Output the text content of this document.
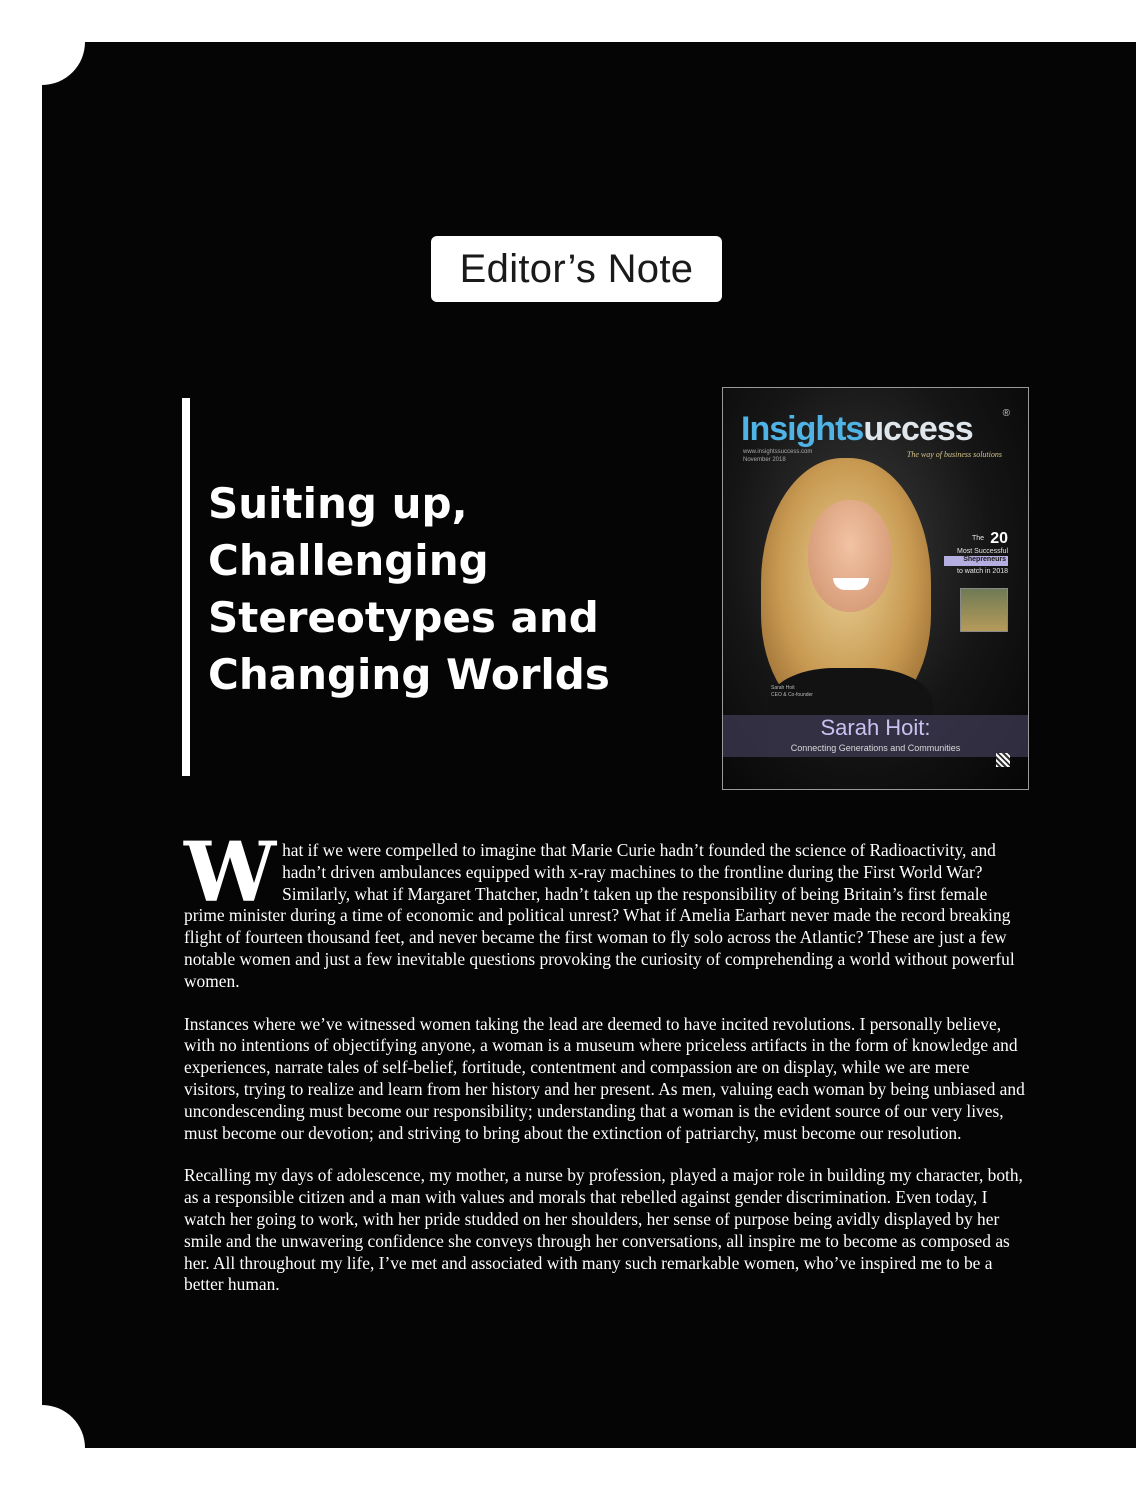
Editor’s Note
Suiting up, Challenging Stereotypes and Changing Worlds
Insightsuccess	®
The way of business solutions
www.insightssuccess.com
November 2018
The 20
Most Successful
Shepreneurs
to watch in 2018
Sarah Hoit
CEO & Co-founder
Sarah Hoit:
Connecting Generations and Communities

What if we were compelled to imagine that Marie Curie hadn’t founded the science of Radioactivity, and hadn’t driven ambulances equipped with x-ray machines to the frontline during the First World War? Similarly, what if Margaret Thatcher, hadn’t taken up the responsibility of being Britain’s first female prime minister during a time of economic and political unrest? What if Amelia Earhart never made the record breaking flight of fourteen thousand feet, and never became the first woman to fly solo across the Atlantic? These are just a few notable women and just a few inevitable questions provoking the curiosity of comprehending a world without powerful women.

Instances where we’ve witnessed women taking the lead are deemed to have incited revolutions. I personally believe, with no intentions of objectifying anyone, a woman is a museum where priceless artifacts in the form of knowledge and experiences, narrate tales of self-belief, fortitude, contentment and compassion are on display, while we are mere visitors, trying to realize and learn from her history and her present. As men, valuing each woman by being unbiased and uncondescending must become our responsibility; understanding that a woman is the evident source of our very lives, must become our devotion; and striving to bring about the extinction of patriarchy, must become our resolution.

Recalling my days of adolescence, my mother, a nurse by profession, played a major role in building my character, both, as a responsible citizen and a man with values and morals that rebelled against gender discrimination. Even today, I watch her going to work, with her pride studded on her shoulders, her sense of purpose being avidly displayed by her smile and the unwavering confidence she conveys through her conversations, all inspire me to become as composed as her. All throughout my life, I’ve met and associated with many such remarkable women, who’ve inspired me to be a better human.
